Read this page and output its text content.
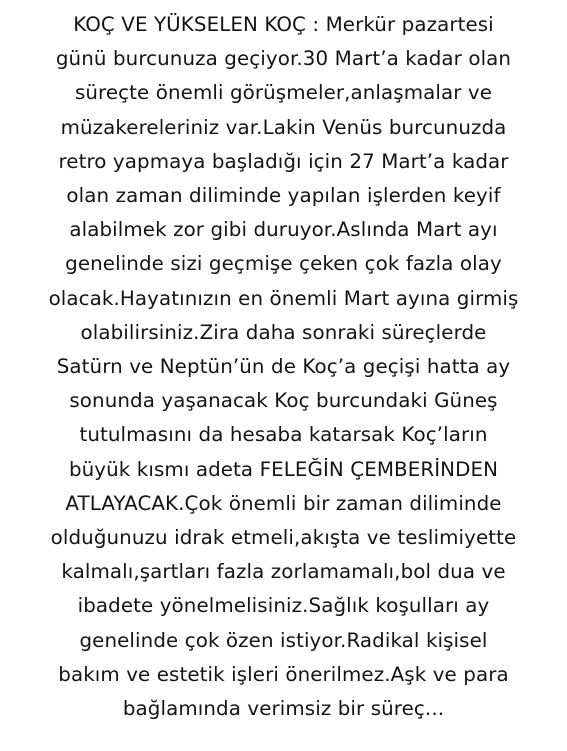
KOÇ VE YÜKSELEN KOÇ : Merkür pazartesi
günü burcunuza geçiyor.30 Mart’a kadar olan
süreçte önemli görüşmeler,anlaşmalar ve
müzakereleriniz var.Lakin Venüs burcunuzda
retro yapmaya başladığı için 27 Mart’a kadar
olan zaman diliminde yapılan işlerden keyif
alabilmek zor gibi duruyor.Aslında Mart ayı
genelinde sizi geçmişe çeken çok fazla olay
olacak.Hayatınızın en önemli Mart ayına girmiş
olabilirsiniz.Zira daha sonraki süreçlerde
Satürn ve Neptün’ün de Koç’a geçişi hatta ay
sonunda yaşanacak Koç burcundaki Güneş
tutulmasını da hesaba katarsak Koç’ların
büyük kısmı adeta FELEĞİN ÇEMBERİNDEN
ATLAYACAK.Çok önemli bir zaman diliminde
olduğunuzu idrak etmeli,akışta ve teslimiyette
kalmalı,şartları fazla zorlamamalı,bol dua ve
ibadete yönelmelisiniz.Sağlık koşulları ay
genelinde çok özen istiyor.Radikal kişisel
bakım ve estetik işleri önerilmez.Aşk ve para
bağlamında verimsiz bir süreç...
